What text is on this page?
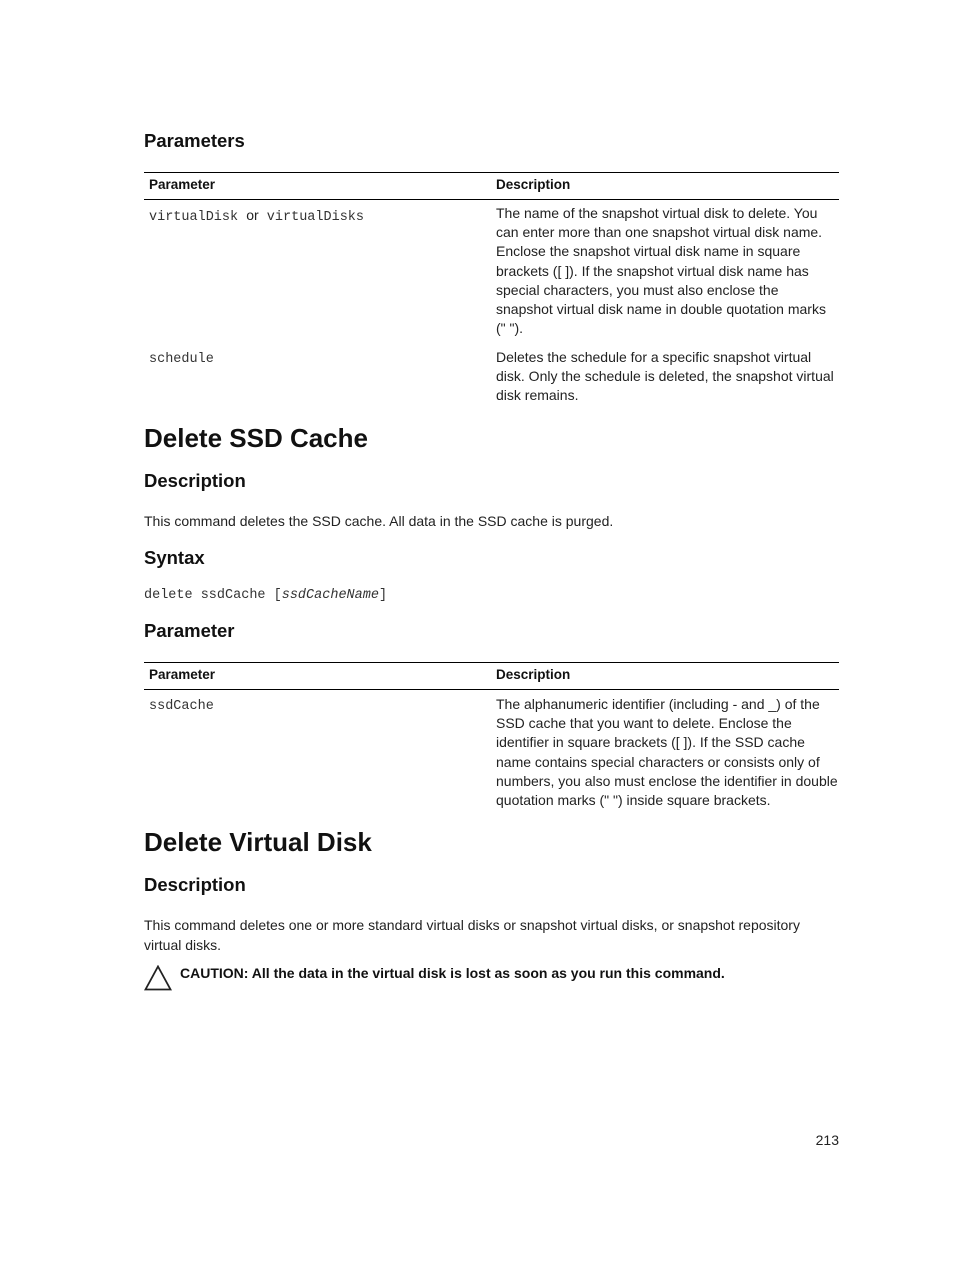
Parameters
Parameter	Description
virtualDisk or virtualDisks	The name of the snapshot virtual disk to delete. You can enter more than one snapshot virtual disk name. Enclose the snapshot virtual disk name in square brackets ([ ]). If the snapshot virtual disk name has special characters, you must also enclose the snapshot virtual disk name in double quotation marks (" ").
schedule	Deletes the schedule for a specific snapshot virtual disk. Only the schedule is deleted, the snapshot virtual disk remains.
Delete SSD Cache
Description

This command deletes the SSD cache. All data in the SSD cache is purged.

Syntax
delete ssdCache [ssdCacheName]
Parameter
Parameter	Description
ssdCache	The alphanumeric identifier (including - and _) of the SSD cache that you want to delete. Enclose the identifier in square brackets ([ ]). If the SSD cache name contains special characters or consists only of numbers, you also must enclose the identifier in double quotation marks (" ") inside square brackets.
Delete Virtual Disk
Description

This command deletes one or more standard virtual disks or snapshot virtual disks, or snapshot repository virtual disks.

CAUTION: All the data in the virtual disk is lost as soon as you run this command.
213
